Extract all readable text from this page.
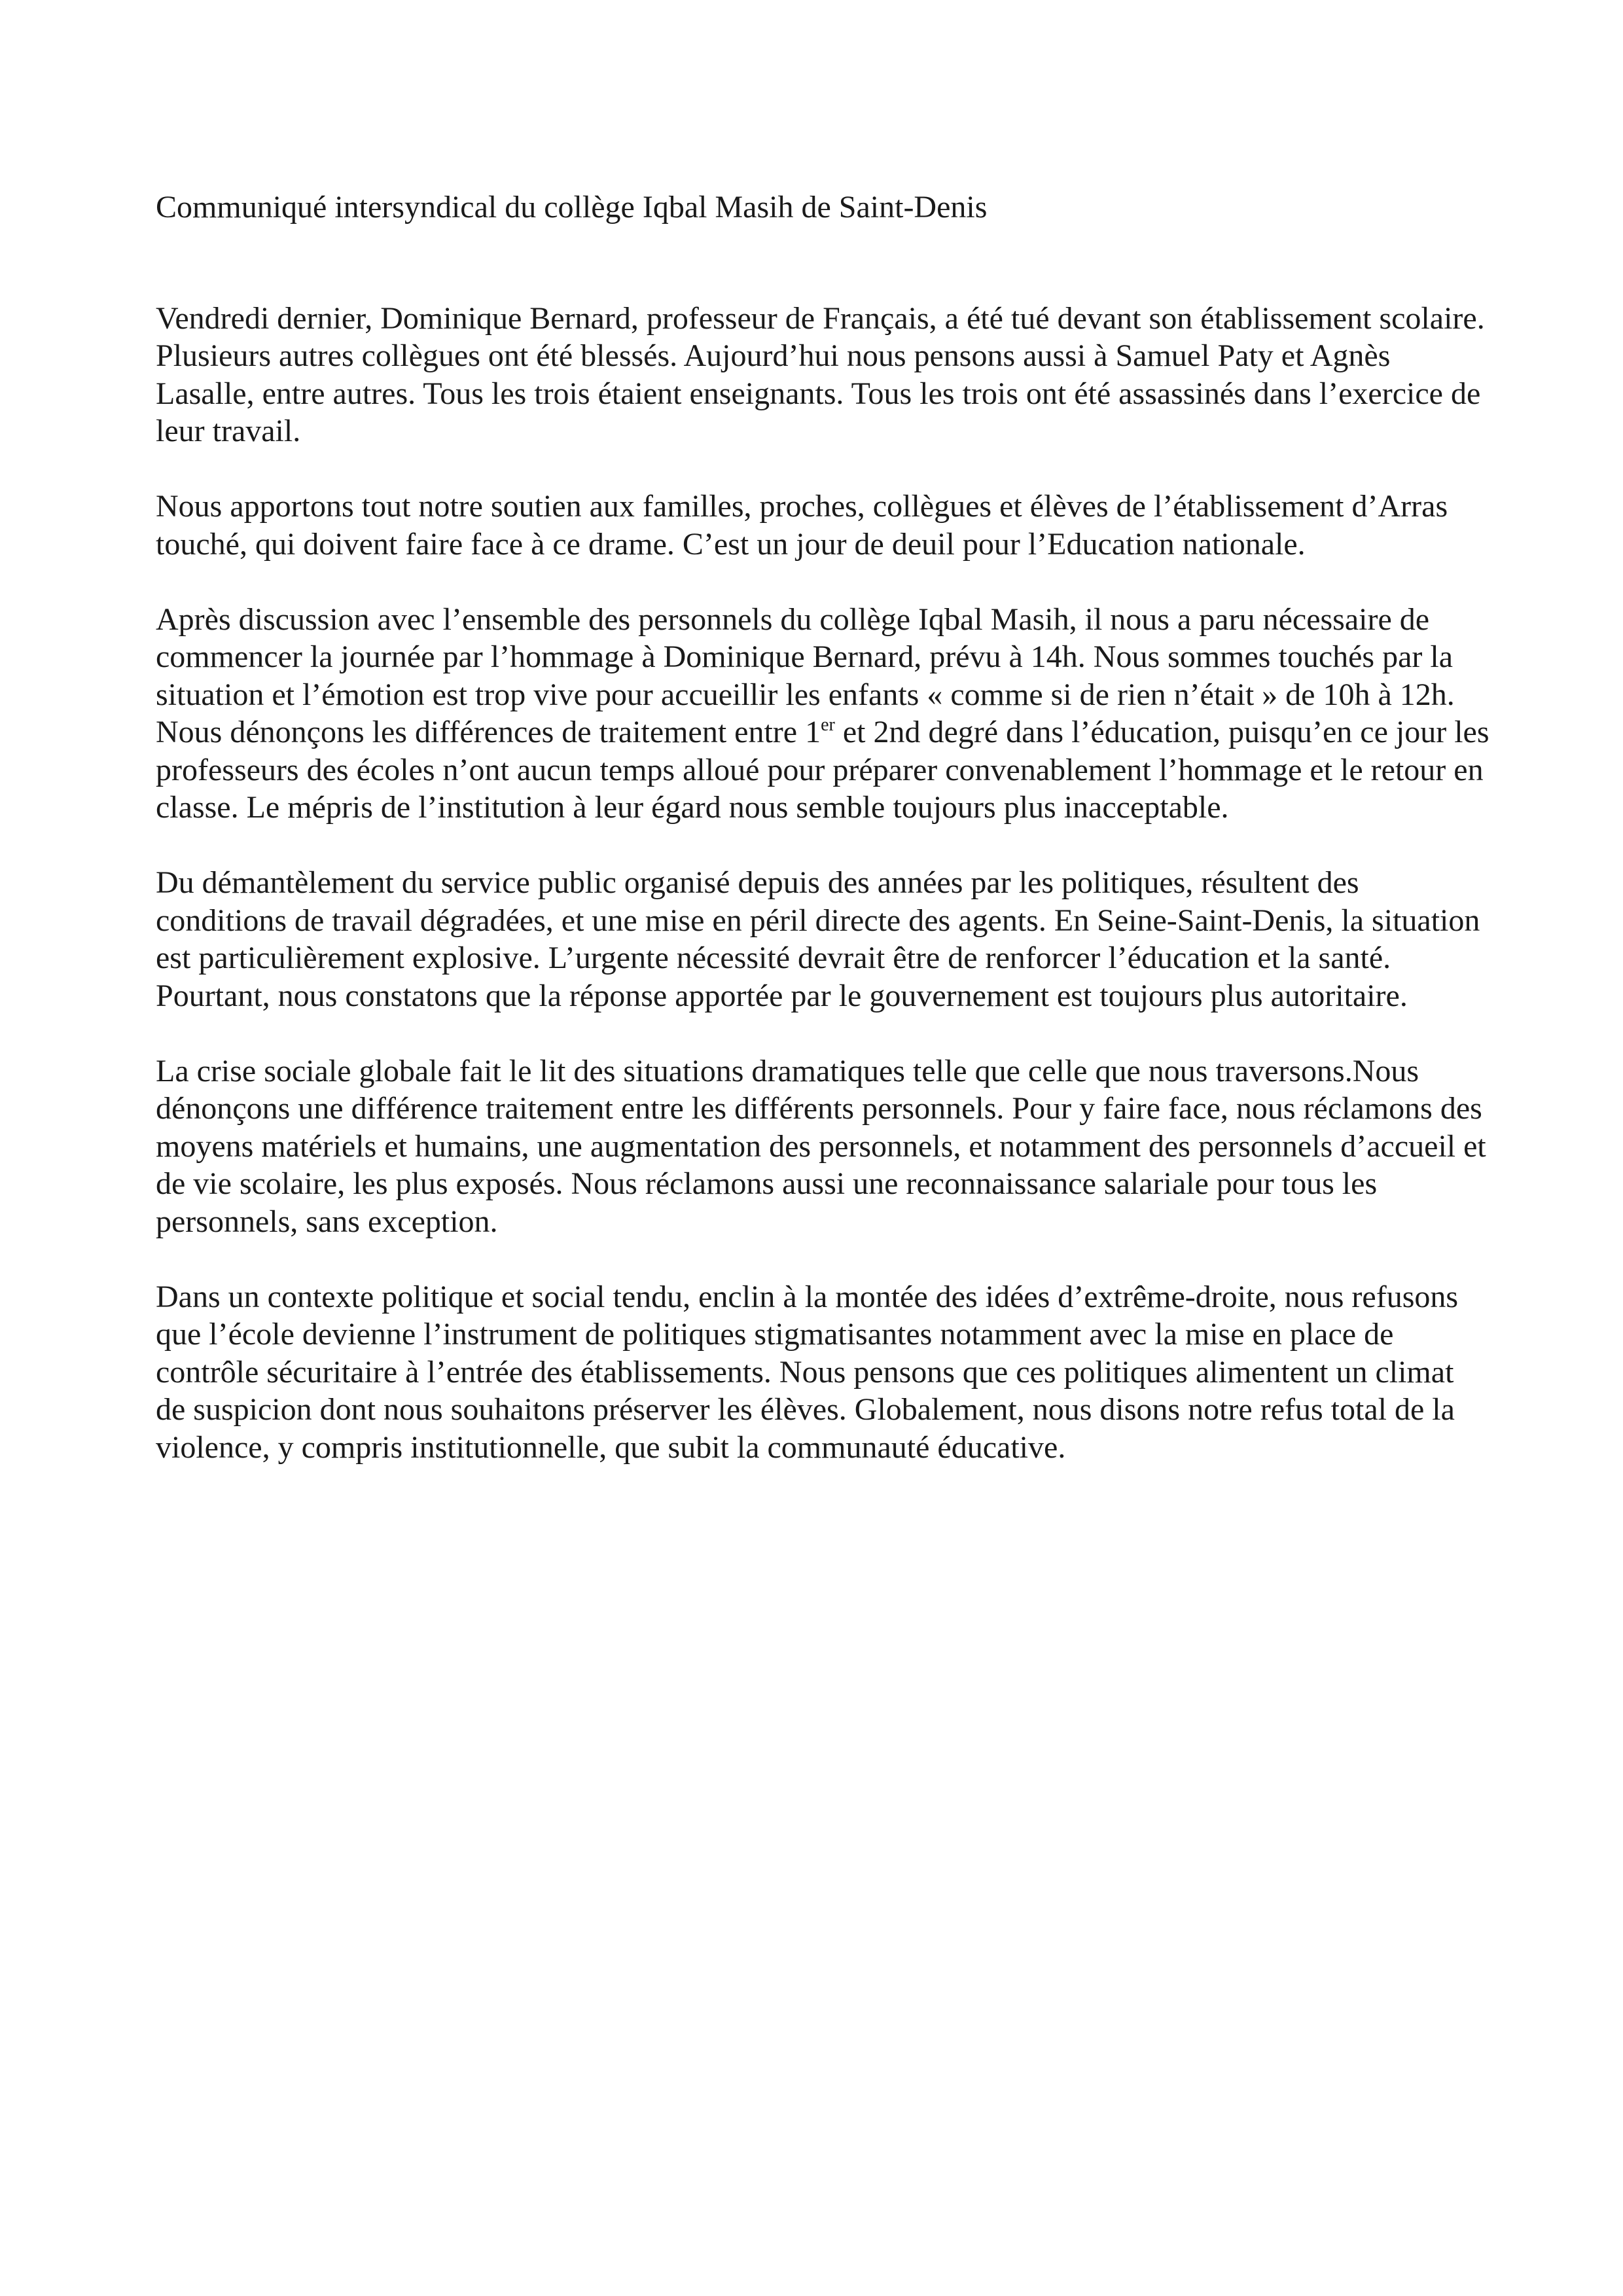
Communiqué intersyndical du collège Iqbal Masih de Saint-Denis

Vendredi dernier, Dominique Bernard, professeur de Français, a été tué devant son établissement scolaire. Plusieurs autres collègues ont été blessés. Aujourd’hui nous pensons aussi à Samuel Paty et Agnès Lasalle, entre autres. Tous les trois étaient enseignants. Tous les trois ont été assassinés dans l’exercice de leur travail.

Nous apportons tout notre soutien aux familles, proches, collègues et élèves de l’établissement d’Arras touché, qui doivent faire face à ce drame. C’est un jour de deuil pour l’Education nationale.

Après discussion avec l’ensemble des personnels du collège Iqbal Masih, il nous a paru nécessaire de commencer la journée par l’hommage à Dominique Bernard, prévu à 14h. Nous sommes touchés par la situation et l’émotion est trop vive pour accueillir les enfants « comme si de rien n’était » de 10h à 12h. Nous dénonçons les différences de traitement entre 1er et 2nd degré dans l’éducation, puisqu’en ce jour les professeurs des écoles n’ont aucun temps alloué pour préparer convenablement l’hommage et le retour en classe. Le mépris de l’institution à leur égard nous semble toujours plus inacceptable.

Du démantèlement du service public organisé depuis des années par les politiques, résultent des conditions de travail dégradées, et une mise en péril directe des agents. En Seine-Saint-Denis, la situation est particulièrement explosive. L’urgente nécessité devrait être de renforcer l’éducation et la santé. Pourtant, nous constatons que la réponse apportée par le gouvernement est toujours plus autoritaire.

La crise sociale globale fait le lit des situations dramatiques telle que celle que nous traversons.Nous dénonçons une différence traitement entre les différents personnels. Pour y faire face, nous réclamons des moyens matériels et humains, une augmentation des personnels, et notamment des personnels d’accueil et de vie scolaire, les plus exposés. Nous réclamons aussi une reconnaissance salariale pour tous les personnels, sans exception.

Dans un contexte politique et social tendu, enclin à la montée des idées d’extrême-droite, nous refusons que l’école devienne l’instrument de politiques stigmatisantes notamment avec la mise en place de contrôle sécuritaire à l’entrée des établissements. Nous pensons que ces politiques alimentent un climat de suspicion dont nous souhaitons préserver les élèves. Globalement, nous disons notre refus total de la violence, y compris institutionnelle, que subit la communauté éducative.
